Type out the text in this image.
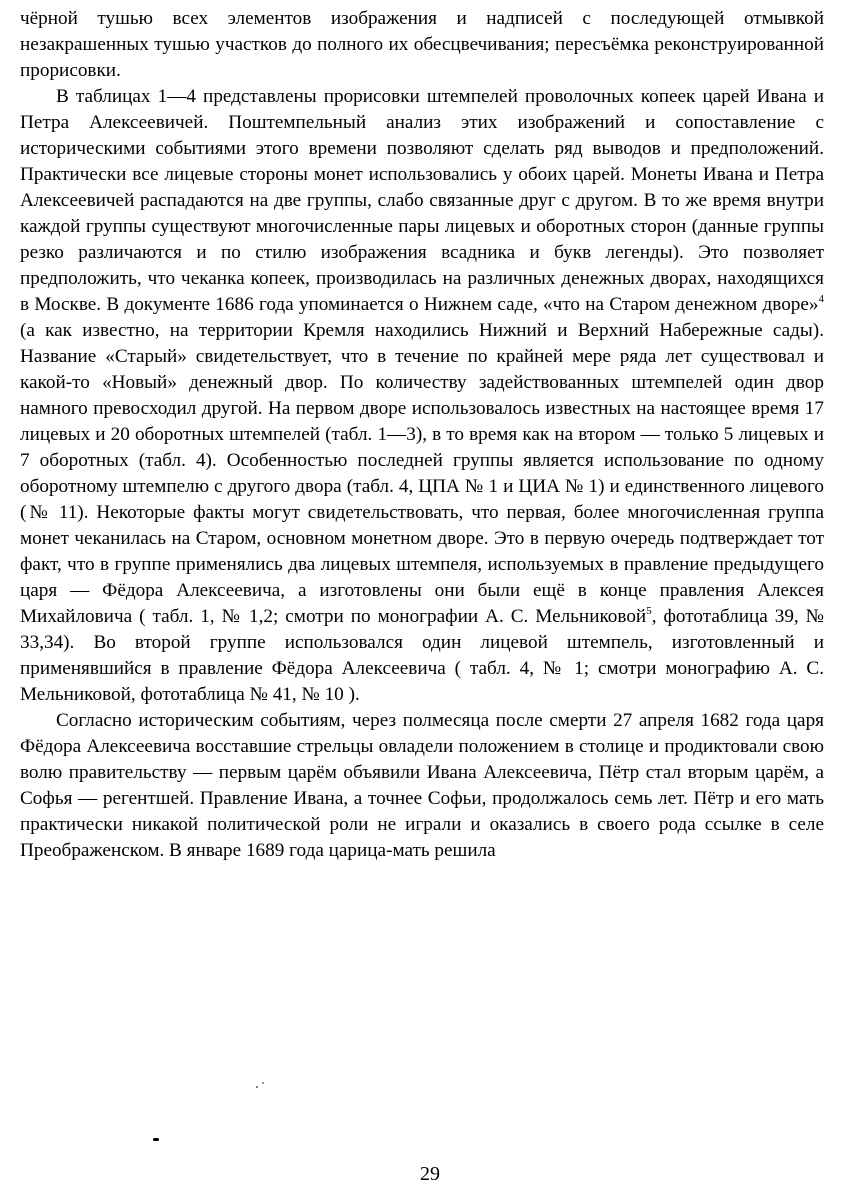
чёрной тушью всех элементов изображения и надписей с последующей отмывкой незакрашенных тушью участков до полного их обесцвечивания; пересъёмка реконструированной прорисовки.

В таблицах 1—4 представлены прорисовки штемпелей проволочных копеек царей Ивана и Петра Алексеевичей. Поштемпельный анализ этих изображений и сопоставление с историческими событиями этого времени позволяют сделать ряд выводов и предположений. Практически все лицевые стороны монет использовались у обоих царей. Монеты Ивана и Петра Алексеевичей распадаются на две группы, слабо связанные друг с другом. В то же время внутри каждой группы существуют многочисленные пары лицевых и оборотных сторон (данные группы резко различаются и по стилю изображения всадника и букв легенды). Это позволяет предположить, что чеканка копеек, производилась на различных денежных дворах, находящихся в Москве. В документе 1686 года упоминается о Нижнем саде, «что на Старом денежном дворе»$^4$ (а как известно, на территории Кремля находились Нижний и Верхний Набережные сады). Название «Старый» свидетельствует, что в течение по крайней мере ряда лет существовал и какой-то «Новый» денежный двор. По количеству задействованных штемпелей один двор намного превосходил другой. На первом дворе использовалось известных на настоящее время 17 лицевых и 20 оборотных штемпелей (табл. 1—3), в то время как на втором — только 5 лицевых и 7 оборотных (табл. 4). Особенностью последней группы является использование по одному оборотному штемпелю с другого двора (табл. 4, ЦПА № 1 и ЦИА № 1) и единственного лицевого (№ 11). Некоторые факты могут свидетельствовать, что первая, более многочисленная группа монет чеканилась на Старом, основном монетном дворе. Это в первую очередь подтверждает тот факт, что в группе применялись два лицевых штемпеля, используемых в правление предыдущего царя — Фёдора Алексеевича, а изготовлены они были ещё в конце правления Алексея Михайловича ( табл. 1, № 1,2; смотри по монографии А. С. Мельниковой$^5$, фототаблица 39, № 33,34). Во второй группе использовался один лицевой штемпель, изготовленный и применявшийся в правление Фёдора Алексеевича ( табл. 4, № 1; смотри монографию А. С. Мельниковой, фототаблица № 41, № 10 ).

Согласно историческим событиям, через полмесяца после смерти 27 апреля 1682 года царя Фёдора Алексеевича восставшие стрельцы овладели положением в столице и продиктовали свою волю правительству — первым царём объявили Ивана Алексеевича, Пётр стал вторым царём, а Софья — регентшей. Правление Ивана, а точнее Софьи, продолжалось семь лет. Пётр и его мать практически никакой политической роли не играли и оказались в своего рода ссылке в селе Преображенском. В январе 1689 года царица-мать решила

29
